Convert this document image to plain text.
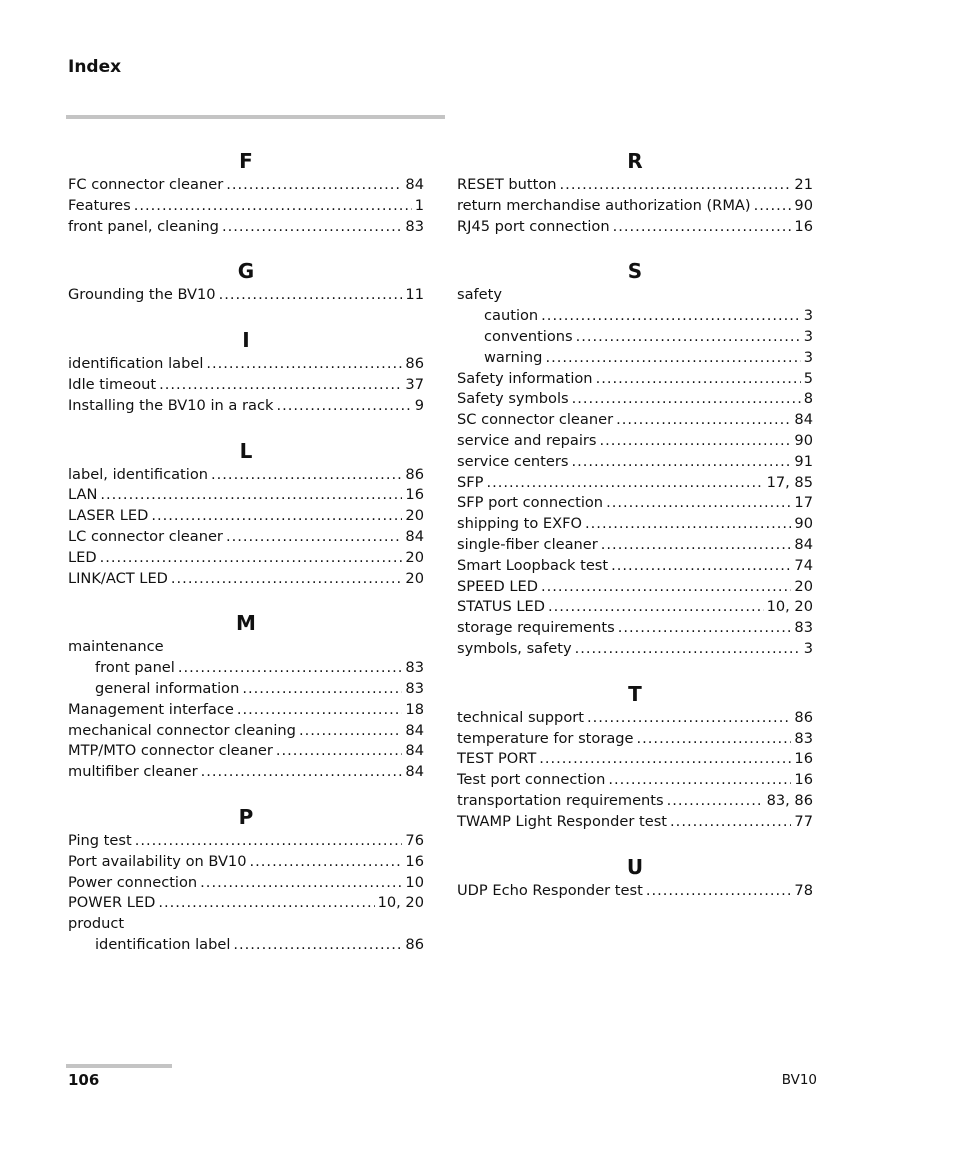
Index
F
FC connector cleaner .....	84
Features .....	1
front panel, cleaning .....	83
G
Grounding the BV10 .....	11
I
identification label .....	86
Idle timeout .....	37
Installing the BV10 in a rack .....	9
L
label, identification .....	86
LAN .....	16
LASER LED .....	20
LC connector cleaner .....	84
LED .....	20
LINK/ACT LED .....	20
M
maintenance
front panel .....	83
general information .....	83
Management interface .....	18
mechanical connector cleaning .....	84
MTP/MTO connector cleaner .....	84
multifiber cleaner .....	84
P
Ping test .....	76
Port availability on BV10 .....	16
Power connection .....	10
POWER LED .....	10, 20
product
identification label .....	86
R
RESET button .....	21
return merchandise authorization (RMA) .....	90
RJ45 port connection .....	16
S
safety
caution .....	3
conventions .....	3
warning .....	3
Safety information .....	5
Safety symbols .....	8
SC connector cleaner .....	84
service and repairs .....	90
service centers .....	91
SFP .....	17, 85
SFP port connection .....	17
shipping to EXFO .....	90
single-fiber cleaner .....	84
Smart Loopback test .....	74
SPEED LED .....	20
STATUS LED .....	10, 20
storage requirements .....	83
symbols, safety .....	3
T
technical support .....	86
temperature for storage .....	83
TEST PORT .....	16
Test port connection .....	16
transportation requirements .....	83, 86
TWAMP Light Responder test .....	77
U
UDP Echo Responder test .....	78
106	BV10
